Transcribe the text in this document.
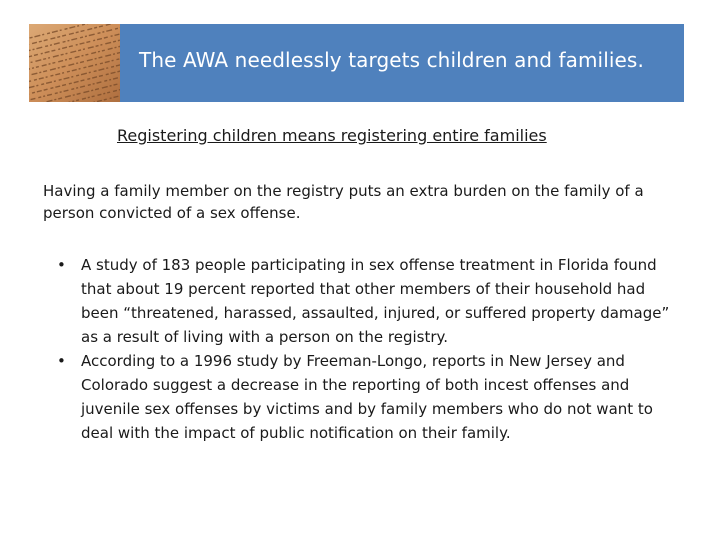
The AWA needlessly targets children and families.
Registering children means registering entire families
Having a family member on the registry puts an extra burden on the family of a person convicted of a sex offense.
• A study of 183 people participating in sex offense treatment in Florida found that about 19 percent reported that other members of their household had been “threatened, harassed, assaulted, injured, or suffered property damage” as a result of living with a person on the registry.
• According to a 1996 study by Freeman-Longo, reports in New Jersey and Colorado suggest a decrease in the reporting of both incest offenses and juvenile sex offenses by victims and by family members who do not want to deal with the impact of public notification on their family.
